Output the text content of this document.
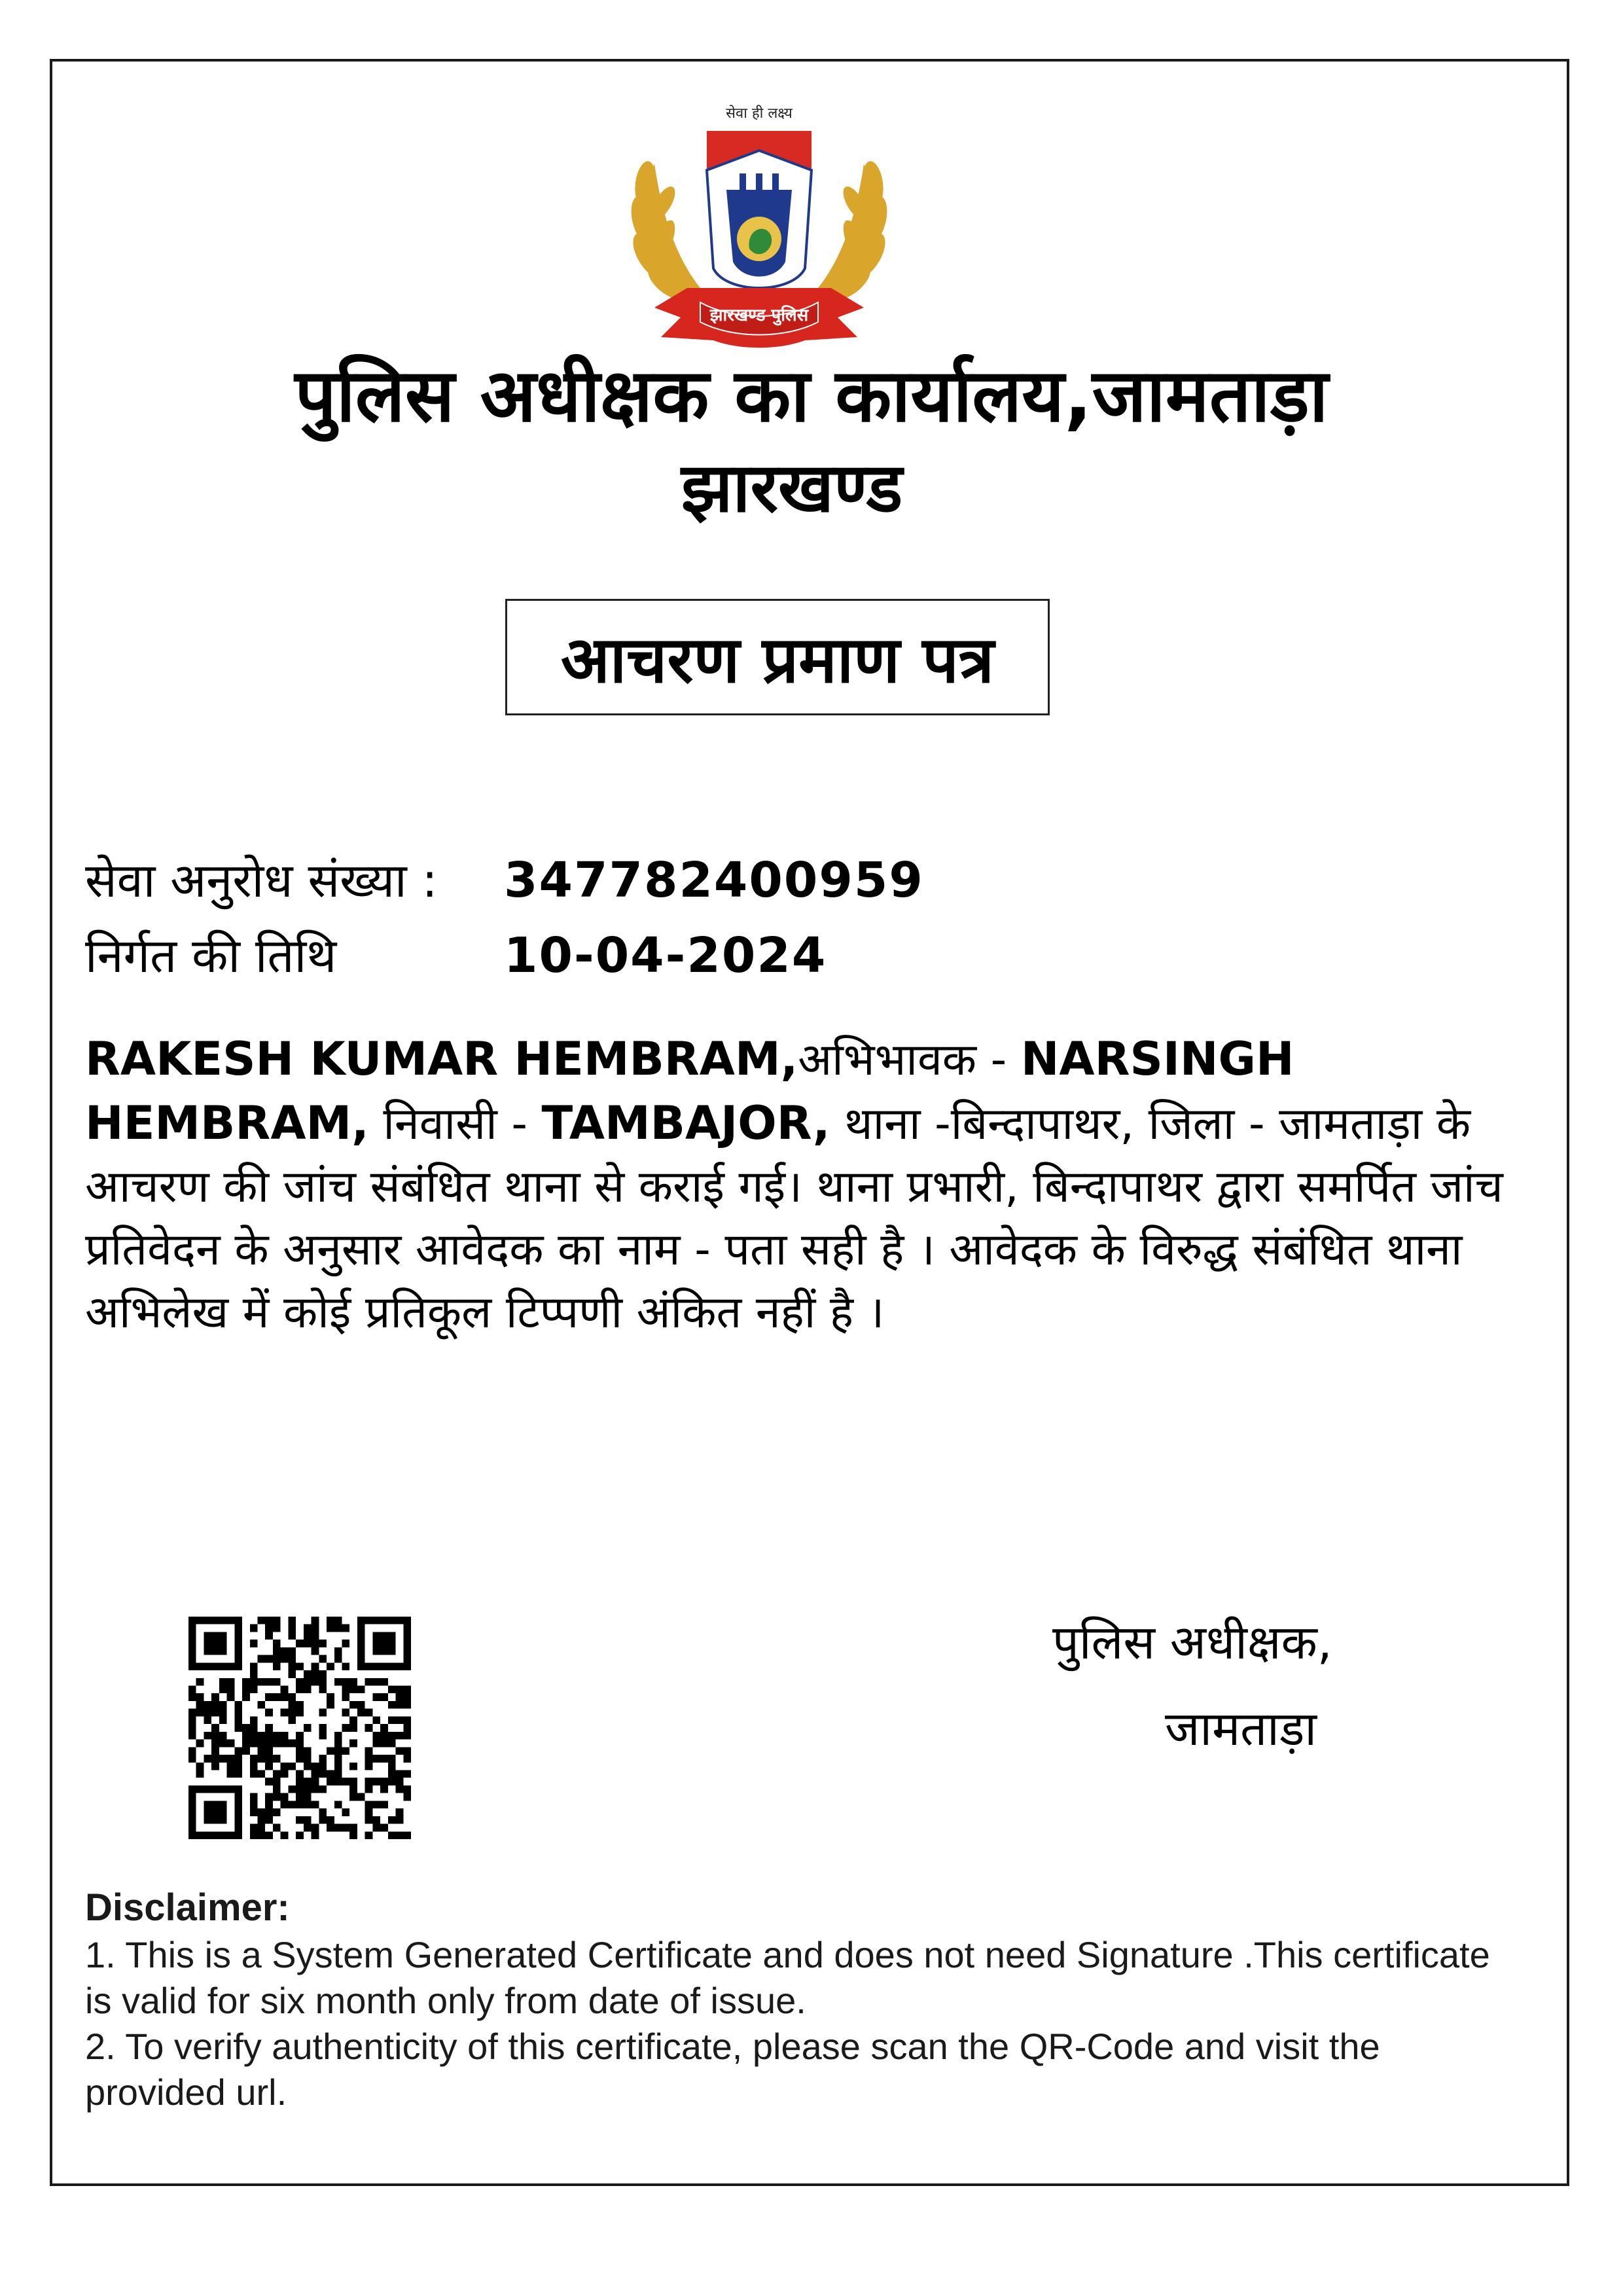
सेवा ही लक्ष्य
झारखण्ड पुलिस
पुलिस अधीक्षक का कार्यालय,जामताड़ा
झारखण्ड
आचरण प्रमाण पत्र
सेवा अनुरोध संख्या : 347782400959
निर्गत की तिथि	10-04-2024
RAKESH KUMAR HEMBRAM,अभिभावक - NARSINGH HEMBRAM, निवासी - TAMBAJOR, थाना -बिन्दापाथर, जिला - जामताड़ा के आचरण की जांच संबंधित थाना से कराई गई। थाना प्रभारी, बिन्दापाथर द्वारा समर्पित जांच प्रतिवेदन के अनुसार आवेदक का नाम - पता सही है । आवेदक के विरुद्ध संबंधित थाना अभिलेख में कोई प्रतिकूल टिप्पणी अंकित नहीं है ।
पुलिस अधीक्षक,
जामताड़ा
Disclaimer:
1. This is a System Generated Certificate and does not need Signature .This certificate is valid for six month only from date of issue.
2. To verify authenticity of this certificate, please scan the QR-Code and visit the provided url.
